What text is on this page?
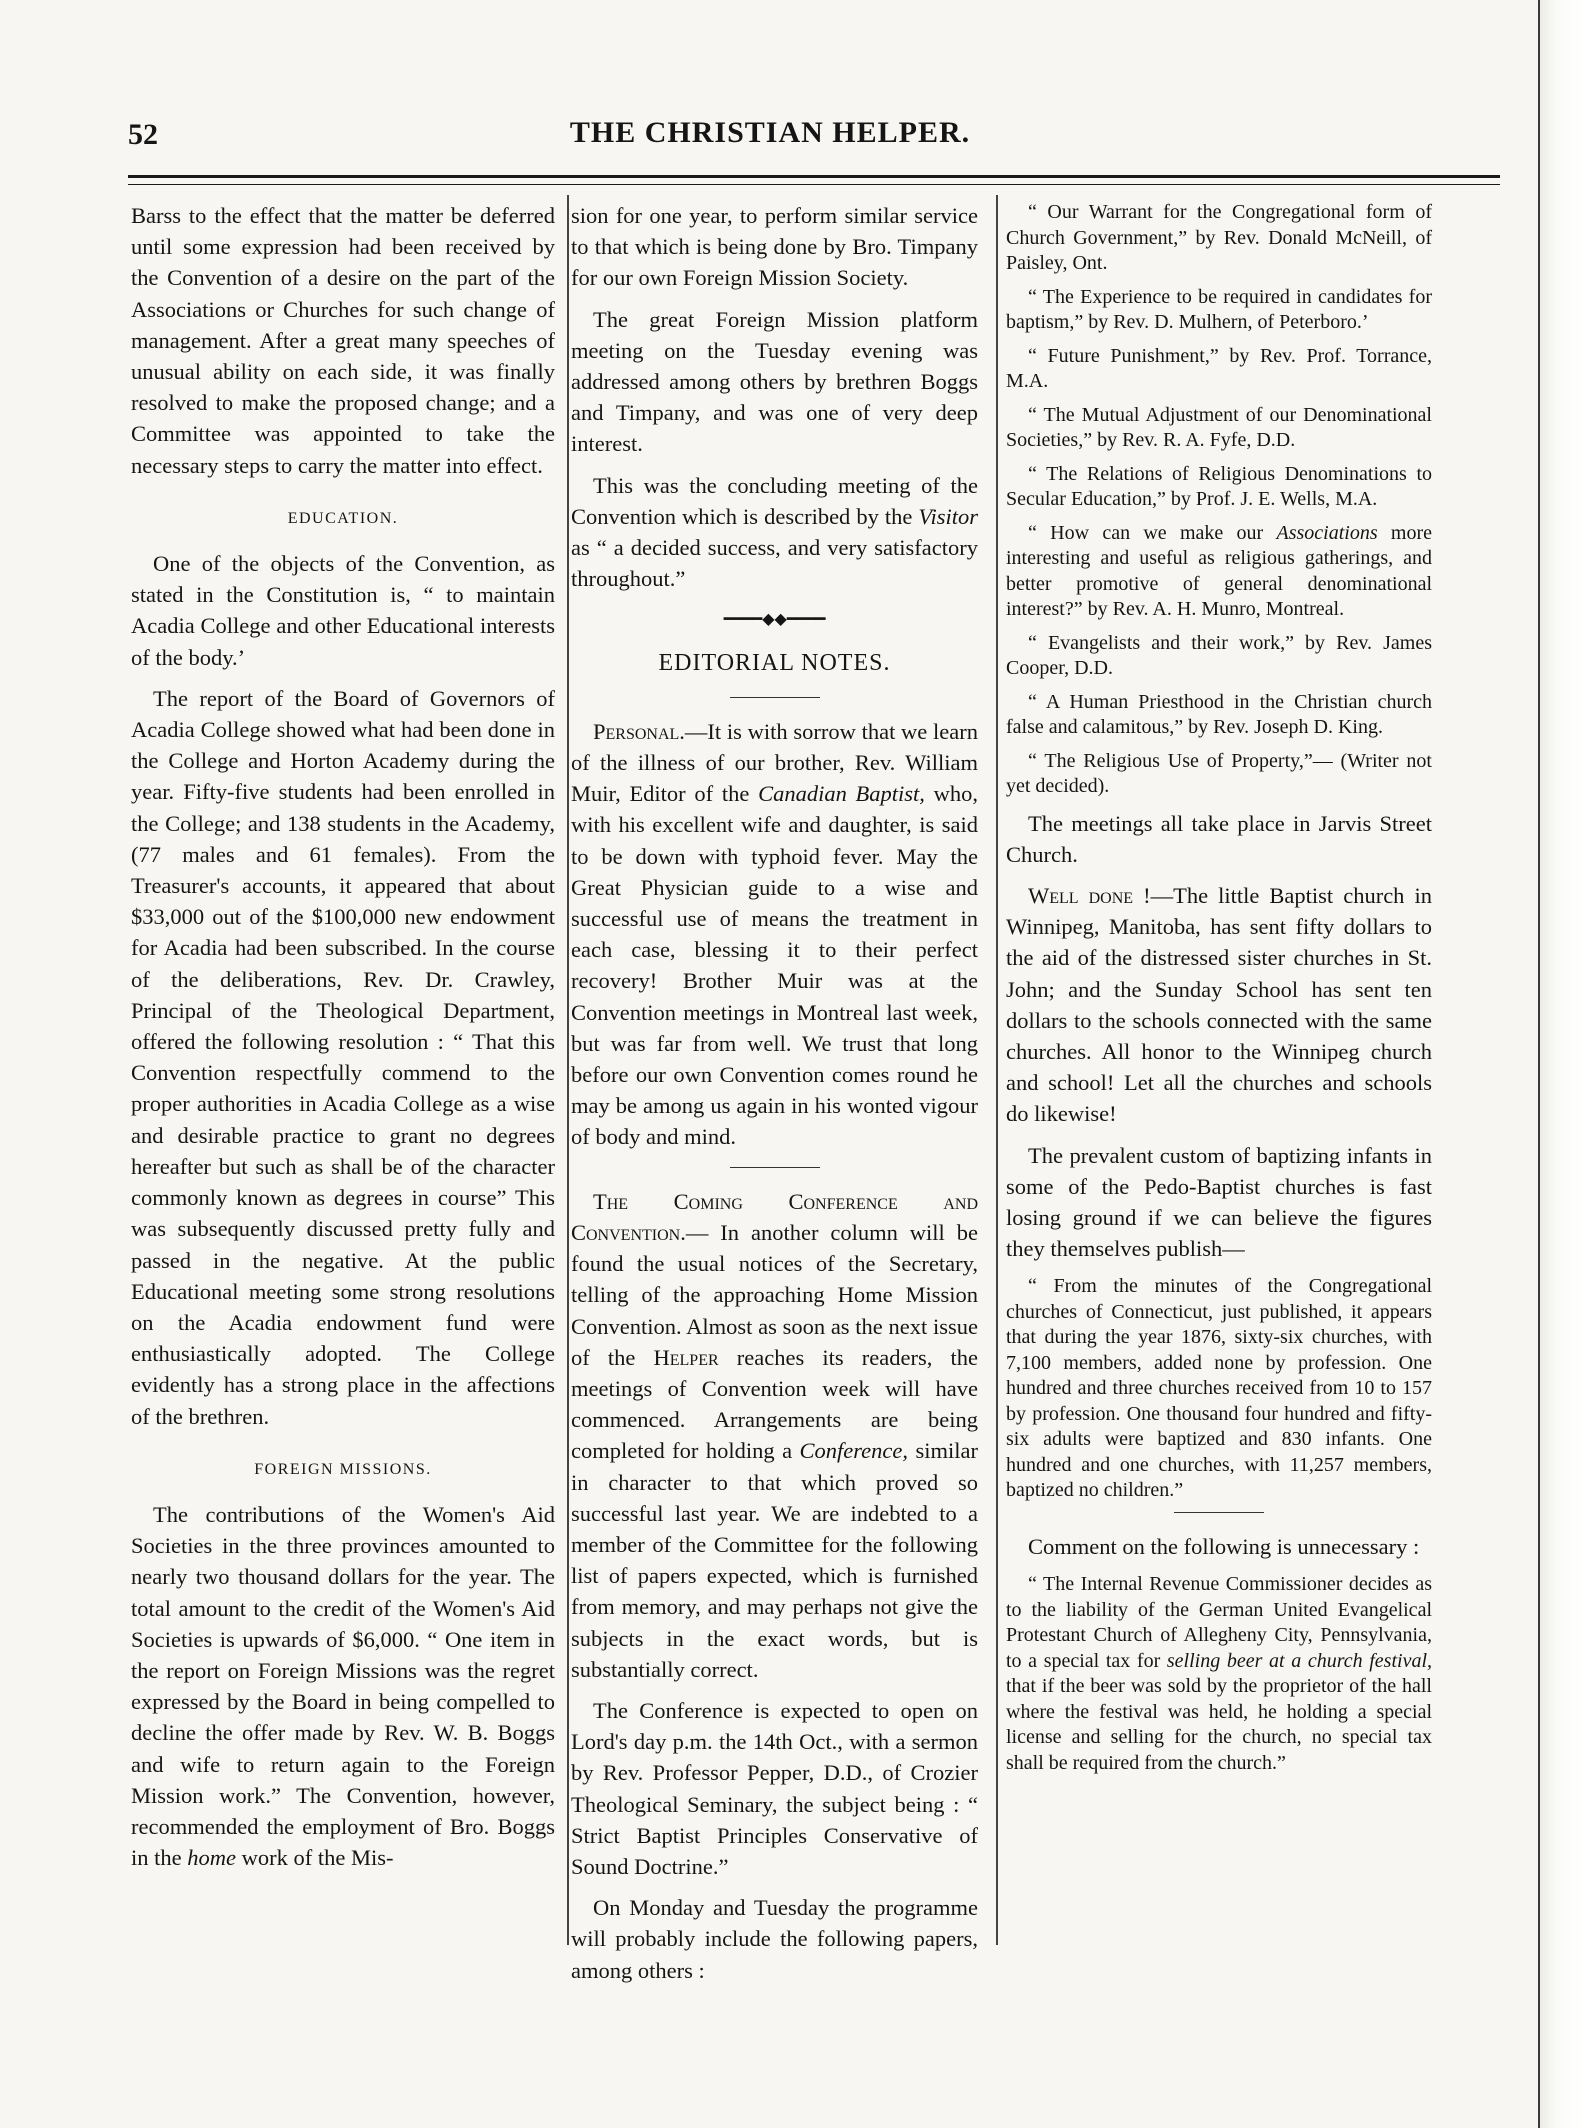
52	THE CHRISTIAN HELPER.

Barss to the effect that the matter be deferred until some expression had been received by the Convention of a desire on the part of the Associations or Churches for such change of management. After a great many speeches of unusual ability on each side, it was finally resolved to make the proposed change; and a Committee was appointed to take the necessary steps to carry the matter into effect.

EDUCATION.

One of the objects of the Convention, as stated in the Constitution is, “ to maintain Acadia College and other Educational interests of the body.’

The report of the Board of Governors of Acadia College showed what had been done in the College and Horton Academy during the year. Fifty-five students had been enrolled in the College; and 138 students in the Academy, (77 males and 61 females). From the Treasurer's accounts, it appeared that about $33,000 out of the $100,000 new endowment for Acadia had been subscribed. In the course of the deliberations, Rev. Dr. Crawley, Principal of the Theological Department, offered the following resolution : “ That this Convention respectfully commend to the proper authorities in Acadia College as a wise and desirable practice to grant no degrees hereafter but such as shall be of the character commonly known as degrees in course” This was subsequently discussed pretty fully and passed in the negative. At the public Educational meeting some strong resolutions on the Acadia endowment fund were enthusiastically adopted. The College evidently has a strong place in the affections of the brethren.

FOREIGN MISSIONS.

The contributions of the Women's Aid Societies in the three provinces amounted to nearly two thousand dollars for the year. The total amount to the credit of the Women's Aid Societies is upwards of $6,000. “ One item in the report on Foreign Missions was the regret expressed by the Board in being compelled to decline the offer made by Rev. W. B. Boggs and wife to return again to the Foreign Mission work.” The Convention, however, recommended the employment of Bro. Boggs in the home work of the Mis-

sion for one year, to perform similar service to that which is being done by Bro. Timpany for our own Foreign Mission Society.

The great Foreign Mission platform meeting on the Tuesday evening was addressed among others by brethren Boggs and Timpany, and was one of very deep interest.

This was the concluding meeting of the Convention which is described by the Visitor as “ a decided success, and very satisfactory throughout.”

━━━━◆◆━━━━
EDITORIAL NOTES.

Personal.—It is with sorrow that we learn of the illness of our brother, Rev. William Muir, Editor of the Canadian Baptist, who, with his excellent wife and daughter, is said to be down with typhoid fever. May the Great Physician guide to a wise and successful use of means the treatment in each case, blessing it to their perfect recovery! Brother Muir was at the Convention meetings in Montreal last week, but was far from well. We trust that long before our own Convention comes round he may be among us again in his wonted vigour of body and mind.

The Coming Conference and Convention.— In another column will be found the usual notices of the Secretary, telling of the approaching Home Mission Convention. Almost as soon as the next issue of the Helper reaches its readers, the meetings of Convention week will have commenced. Arrangements are being completed for holding a Conference, similar in character to that which proved so successful last year. We are indebted to a member of the Committee for the following list of papers expected, which is furnished from memory, and may perhaps not give the subjects in the exact words, but is substantially correct.

The Conference is expected to open on Lord's day p.m. the 14th Oct., with a sermon by Rev. Professor Pepper, D.D., of Crozier Theological Seminary, the subject being : “ Strict Baptist Principles Conservative of Sound Doctrine.”

On Monday and Tuesday the programme will probably include the following papers, among others :

“ Our Warrant for the Congregational form of Church Government,” by Rev. Donald McNeill, of Paisley, Ont.

“ The Experience to be required in candidates for baptism,” by Rev. D. Mulhern, of Peterboro.’

“ Future Punishment,” by Rev. Prof. Torrance, M.A.

“ The Mutual Adjustment of our Denominational Societies,” by Rev. R. A. Fyfe, D.D.

“ The Relations of Religious Denominations to Secular Education,” by Prof. J. E. Wells, M.A.

“ How can we make our Associations more interesting and useful as religious gatherings, and better promotive of general denominational interest?” by Rev. A. H. Munro, Montreal.

“ Evangelists and their work,” by Rev. James Cooper, D.D.

“ A Human Priesthood in the Christian church false and calamitous,” by Rev. Joseph D. King.

“ The Religious Use of Property,”— (Writer not yet decided).

The meetings all take place in Jarvis Street Church.

Well done !—The little Baptist church in Winnipeg, Manitoba, has sent fifty dollars to the aid of the distressed sister churches in St. John; and the Sunday School has sent ten dollars to the schools connected with the same churches. All honor to the Winnipeg church and school! Let all the churches and schools do likewise!

The prevalent custom of baptizing infants in some of the Pedo-Baptist churches is fast losing ground if we can believe the figures they themselves publish—

“ From the minutes of the Congregational churches of Connecticut, just published, it appears that during the year 1876, sixty-six churches, with 7,100 members, added none by profession. One hundred and three churches received from 10 to 157 by profession. One thousand four hundred and fifty-six adults were baptized and 830 infants. One hundred and one churches, with 11,257 members, baptized no children.”

Comment on the following is unnecessary :

“ The Internal Revenue Commissioner decides as to the liability of the German United Evangelical Protestant Church of Allegheny City, Pennsylvania, to a special tax for selling beer at a church festival, that if the beer was sold by the proprietor of the hall where the festival was held, he holding a special license and selling for the church, no special tax shall be required from the church.”
